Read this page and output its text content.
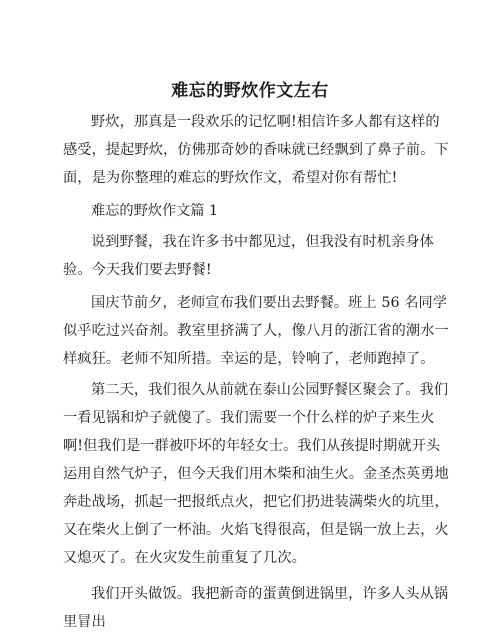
难忘的野炊作文左右

野炊，那真是一段欢乐的记忆啊!相信许多人都有这样的感受，提起野炊，仿佛那奇妙的香味就已经飘到了鼻子前。下面，是为你整理的难忘的野炊作文，希望对你有帮忙!

难忘的野炊作文篇 1

说到野餐，我在许多书中都见过，但我没有时机亲身体验。今天我们要去野餐!

国庆节前夕，老师宣布我们要出去野餐。班上 56 名同学似乎吃过兴奋剂。教室里挤满了人，像八月的浙江省的潮水一样疯狂。老师不知所措。幸运的是，铃响了，老师跑掉了。

第二天，我们很久从前就在泰山公园野餐区聚会了。我们一看见锅和炉子就傻了。我们需要一个什么样的炉子来生火啊!但我们是一群被吓坏的年轻女士。我们从孩提时期就开头运用自然气炉子，但今天我们用木柴和油生火。金圣杰英勇地奔赴战场，抓起一把报纸点火，把它们扔进装满柴火的坑里，又在柴火上倒了一杯油。火焰飞得很高，但是锅一放上去，火又熄灭了。在火灾发生前重复了几次。

我们开头做饭。我把新奇的蛋黄倒进锅里，许多人头从锅里冒出
